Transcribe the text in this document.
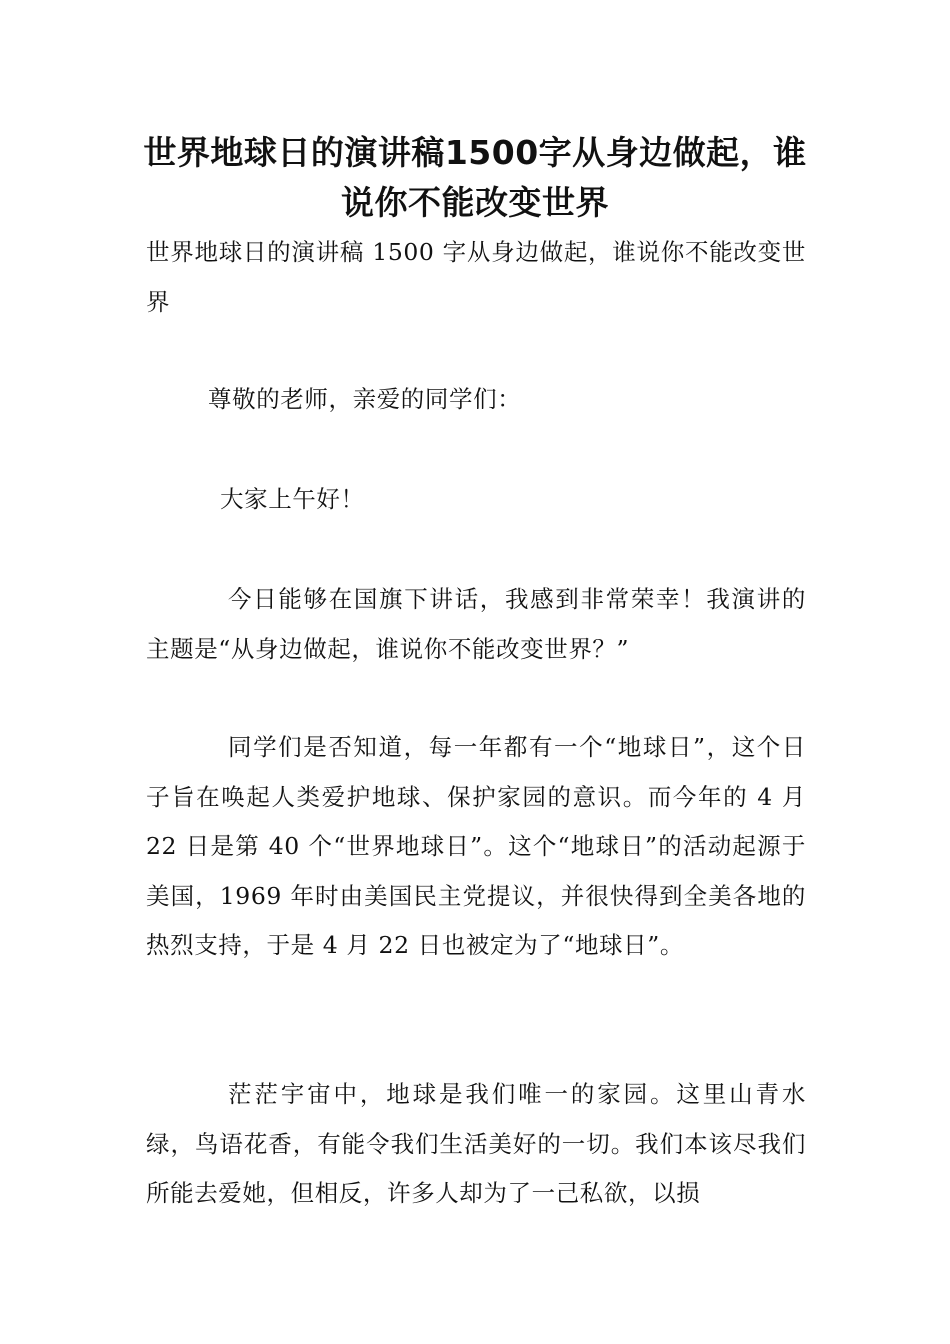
世界地球日的演讲稿1500字从身边做起，谁说你不能改变世界

世界地球日的演讲稿 1500 字从身边做起，谁说你不能改变世界

尊敬的老师，亲爱的同学们：

大家上午好！

今日能够在国旗下讲话，我感到非常荣幸！我演讲的主题是“从身边做起，谁说你不能改变世界？”

同学们是否知道，每一年都有一个“地球日”，这个日子旨在唤起人类爱护地球、保护家园的意识。而今年的 4 月 22 日是第 40 个“世界地球日”。这个“地球日”的活动起源于美国，1969 年时由美国民主党提议，并很快得到全美各地的热烈支持，于是 4 月 22 日也被定为了“地球日”。

茫茫宇宙中，地球是我们唯一的家园。这里山青水绿，鸟语花香，有能令我们生活美好的一切。我们本该尽我们所能去爱她，但相反，许多人却为了一己私欲，以损
